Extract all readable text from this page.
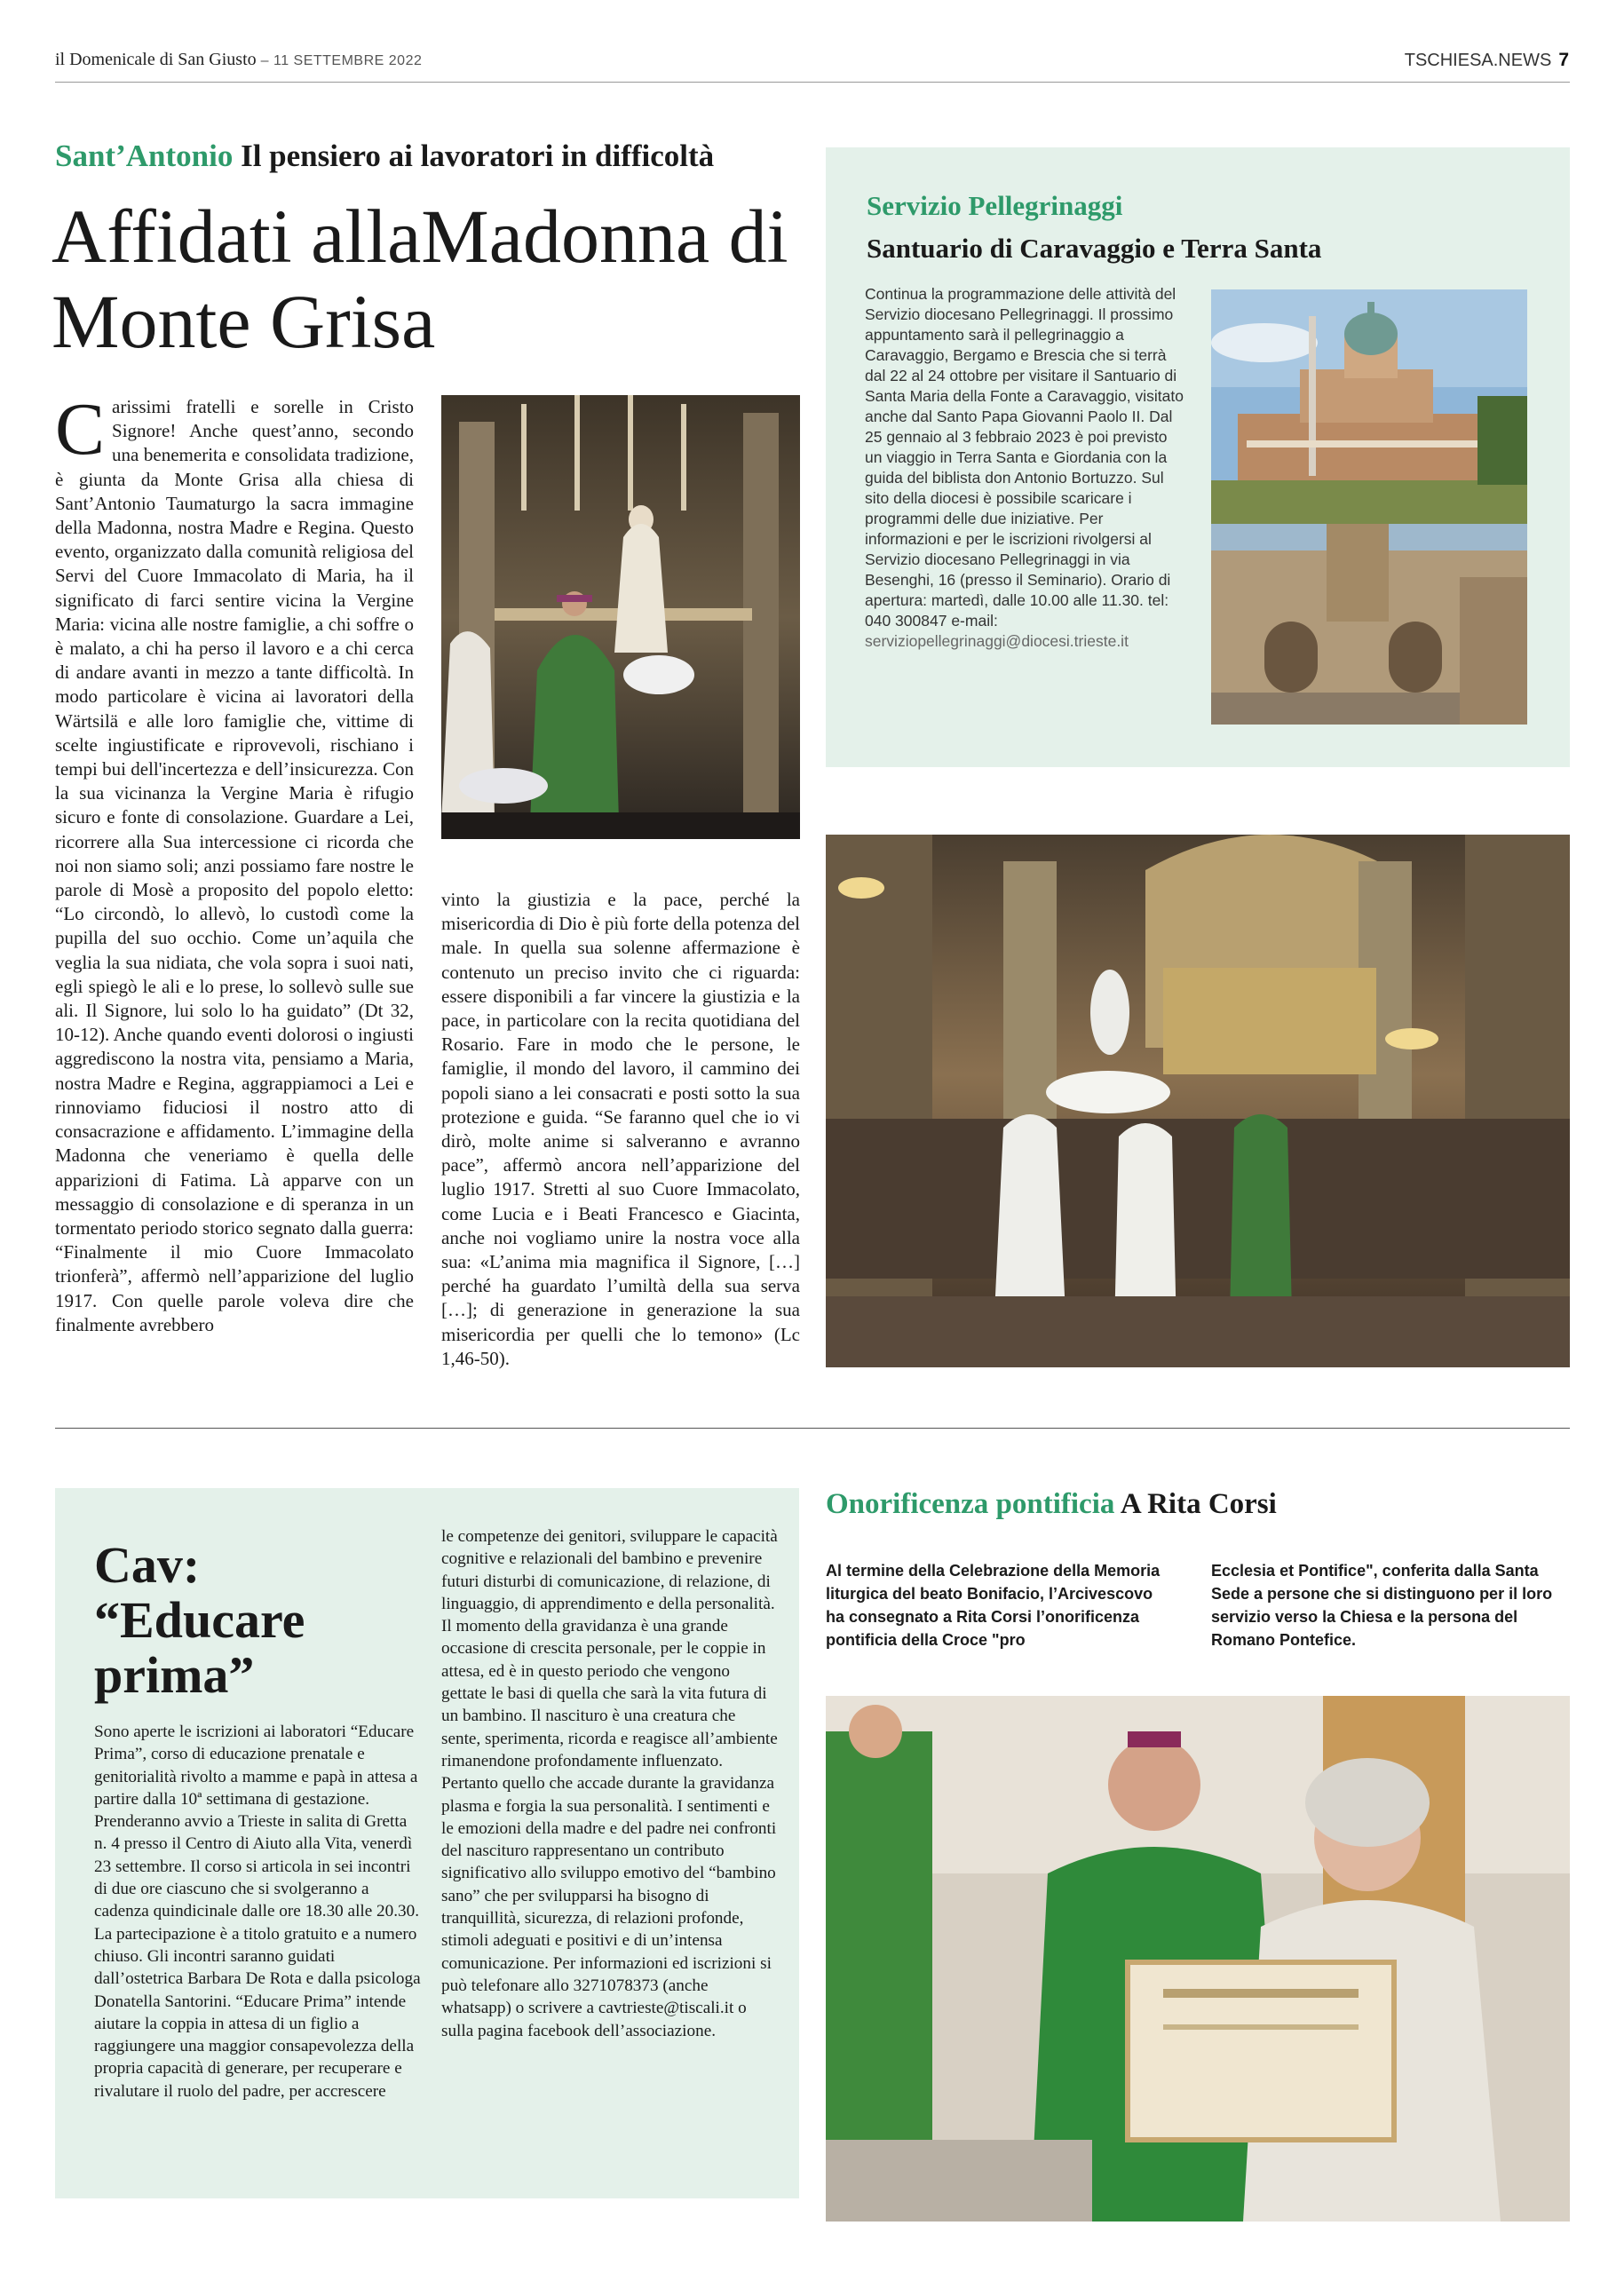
il Domenicale di San Giusto – 11 SETTEMBRE 2022	TSCHIESA.NEWS 7
Sant’Antonio Il pensiero ai lavoratori in difficoltà
Affidati allaMadonna di Monte Grisa
Carissimi fratelli e sorelle in Cristo Signore! Anche quest’anno, secondo una benemerita e consolidata tradizione, è giunta da Monte Grisa alla chiesa di Sant’Antonio Taumaturgo la sacra immagine della Madonna, nostra Madre e Regina. Questo evento, organizzato dalla comunità religiosa del Servi del Cuore Immacolato di Maria, ha il significato di farci sentire vicina la Vergine Maria: vicina alle nostre famiglie, a chi soffre o è malato, a chi ha perso il lavoro e a chi cerca di andare avanti in mezzo a tante difficoltà. In modo particolare è vicina ai lavoratori della Wärtsilä e alle loro famiglie che, vittime di scelte ingiustificate e riprovevoli, rischiano i tempi bui dell'incertezza e dell’insicurezza. Con la sua vicinanza la Vergine Maria è rifugio sicuro e fonte di consolazione. Guardare a Lei, ricorrere alla Sua intercessione ci ricorda che noi non siamo soli; anzi possiamo fare nostre le parole di Mosè a proposito del popolo eletto: “Lo circondò, lo allevò, lo custodì come la pupilla del suo occhio. Come un’aquila che veglia la sua nidiata, che vola sopra i suoi nati, egli spiegò le ali e lo prese, lo sollevò sulle sue ali. Il Signore, lui solo lo ha guidato” (Dt 32, 10-12). Anche quando eventi dolorosi o ingiusti aggrediscono la nostra vita, pensiamo a Maria, nostra Madre e Regina, aggrappiamoci a Lei e rinnoviamo fiduciosi il nostro atto di consacrazione e affidamento. L’immagine della Madonna che veneriamo è quella delle apparizioni di Fatima. Là apparve con un messaggio di consolazione e di speranza in un tormentato periodo storico segnato dalla guerra: “Finalmente il mio Cuore Immacolato trionferà”, affermò nell’apparizione del luglio 1917. Con quelle parole voleva dire che finalmente avrebbero
vinto la giustizia e la pace, perché la misericordia di Dio è più forte della potenza del male. In quella sua solenne affermazione è contenuto un preciso invito che ci riguarda: essere disponibili a far vincere la giustizia e la pace, in particolare con la recita quotidiana del Rosario. Fare in modo che le persone, le famiglie, il mondo del lavoro, il cammino dei popoli siano a lei consacrati e posti sotto la sua protezione e guida. “Se faranno quel che io vi dirò, molte anime si salveranno e avranno pace”, affermò ancora nell’apparizione del luglio 1917. Stretti al suo Cuore Immacolato, come Lucia e i Beati Francesco e Giacinta, anche noi vogliamo unire la nostra voce alla sua: «L’anima mia magnifica il Signore, […] perché ha guardato l’umiltà della sua serva […]; di generazione in generazione la sua misericordia per quelli che lo temono» (Lc 1,46-50).
Servizio Pellegrinaggi
Santuario di Caravaggio e Terra Santa
Continua la programmazione delle attività del Servizio diocesano Pellegrinaggi. Il prossimo appuntamento sarà il pellegrinaggio a Caravaggio, Bergamo e Brescia che si terrà dal 22 al 24 ottobre per visitare il Santuario di Santa Maria della Fonte a Caravaggio, visitato anche dal Santo Papa Giovanni Paolo II. Dal 25 gennaio al 3 febbraio 2023 è poi previsto un viaggio in Terra Santa e Giordania con la guida del biblista don Antonio Bortuzzo. Sul sito della diocesi è possibile scaricare i programmi delle due iniziative. Per informazioni e per le iscrizioni rivolgersi al Servizio diocesano Pellegrinaggi in via Besenghi, 16 (presso il Seminario). Orario di apertura: martedì, dalle 10.00 alle 11.30. tel: 040 300847 e-mail: serviziopellegrinaggi@diocesi.trieste.it
Cav: “Educare prima”
Sono aperte le iscrizioni ai laboratori “Educare Prima”, corso di educazione prenatale e genitorialità rivolto a mamme e papà in attesa a partire dalla 10ª settimana di gestazione. Prenderanno avvio a Trieste in salita di Gretta n. 4 presso il Centro di Aiuto alla Vita, venerdì 23 settembre. Il corso si articola in sei incontri di due ore ciascuno che si svolgeranno a cadenza quindicinale dalle ore 18.30 alle 20.30. La partecipazione è a titolo gratuito e a numero chiuso. Gli incontri saranno guidati dall’ostetrica Barbara De Rota e dalla psicologa Donatella Santorini. “Educare Prima” intende aiutare la coppia in attesa di un figlio a raggiungere una maggior consapevolezza della propria capacità di generare, per recuperare e rivalutare il ruolo del padre, per accrescere
le competenze dei genitori, sviluppare le capacità cognitive e relazionali del bambino e prevenire futuri disturbi di comunicazione, di relazione, di linguaggio, di apprendimento e della personalità. Il momento della gravidanza è una grande occasione di crescita personale, per le coppie in attesa, ed è in questo periodo che vengono gettate le basi di quella che sarà la vita futura di un bambino. Il nascituro è una creatura che sente, sperimenta, ricorda e reagisce all’ambiente rimanendone profondamente influenzato. Pertanto quello che accade durante la gravidanza plasma e forgia la sua personalità. I sentimenti e le emozioni della madre e del padre nei confronti del nascituro rappresentano un contributo significativo allo sviluppo emotivo del “bambino sano” che per svilupparsi ha bisogno di tranquillità, sicurezza, di relazioni profonde, stimoli adeguati e positivi e di un’intensa comunicazione. Per informazioni ed iscrizioni si può telefonare allo 3271078373 (anche whatsapp) o scrivere a cavtrieste@tiscali.it o sulla pagina facebook dell’associazione.
Onorificenza pontificia A Rita Corsi
Al termine della Celebrazione della Memoria liturgica del beato Bonifacio, l’Arcivescovo ha consegnato a Rita Corsi l’onorificenza pontificia della Croce "pro
Ecclesia et Pontifice", conferita dalla Santa Sede a persone che si distinguono per il loro servizio verso la Chiesa e la persona del Romano Pontefice.
